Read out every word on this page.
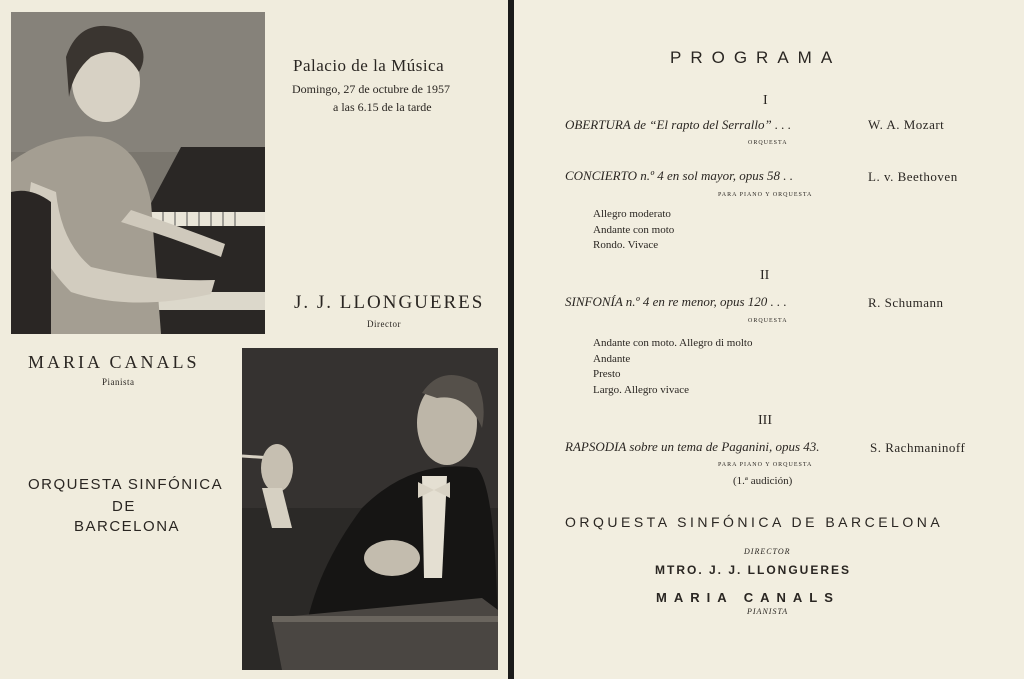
Palacio de la Música
Domingo, 27 de octubre de 1957
a las 6.15 de la tarde
J. J. LLONGUERES
Director
MARIA CANALS
Pianista
ORQUESTA SINFÓNICA
DE
BARCELONA
PROGRAMA
I
OBERTURA de “El rapto del Serrallo” . . .	W. A. Mozart
ORQUESTA
CONCIERTO n.º 4 en sol mayor, opus 58 . .	L. v. Beethoven
PARA PIANO Y ORQUESTA
Allegro moderato
Andante con moto
Rondo. Vivace
II
SINFONÍA n.º 4 en re menor, opus 120 . . .	R. Schumann
ORQUESTA
Andante con moto. Allegro di molto
Andante
Presto
Largo. Allegro vivace
III
RAPSODIA sobre un tema de Paganini, opus 43.	S. Rachmaninoff
PARA PIANO Y ORQUESTA
(1.ª audición)
ORQUESTA SINFÓNICA DE BARCELONA
DIRECTOR
MTRO. J. J. LLONGUERES
MARIA CANALS
PIANISTA
